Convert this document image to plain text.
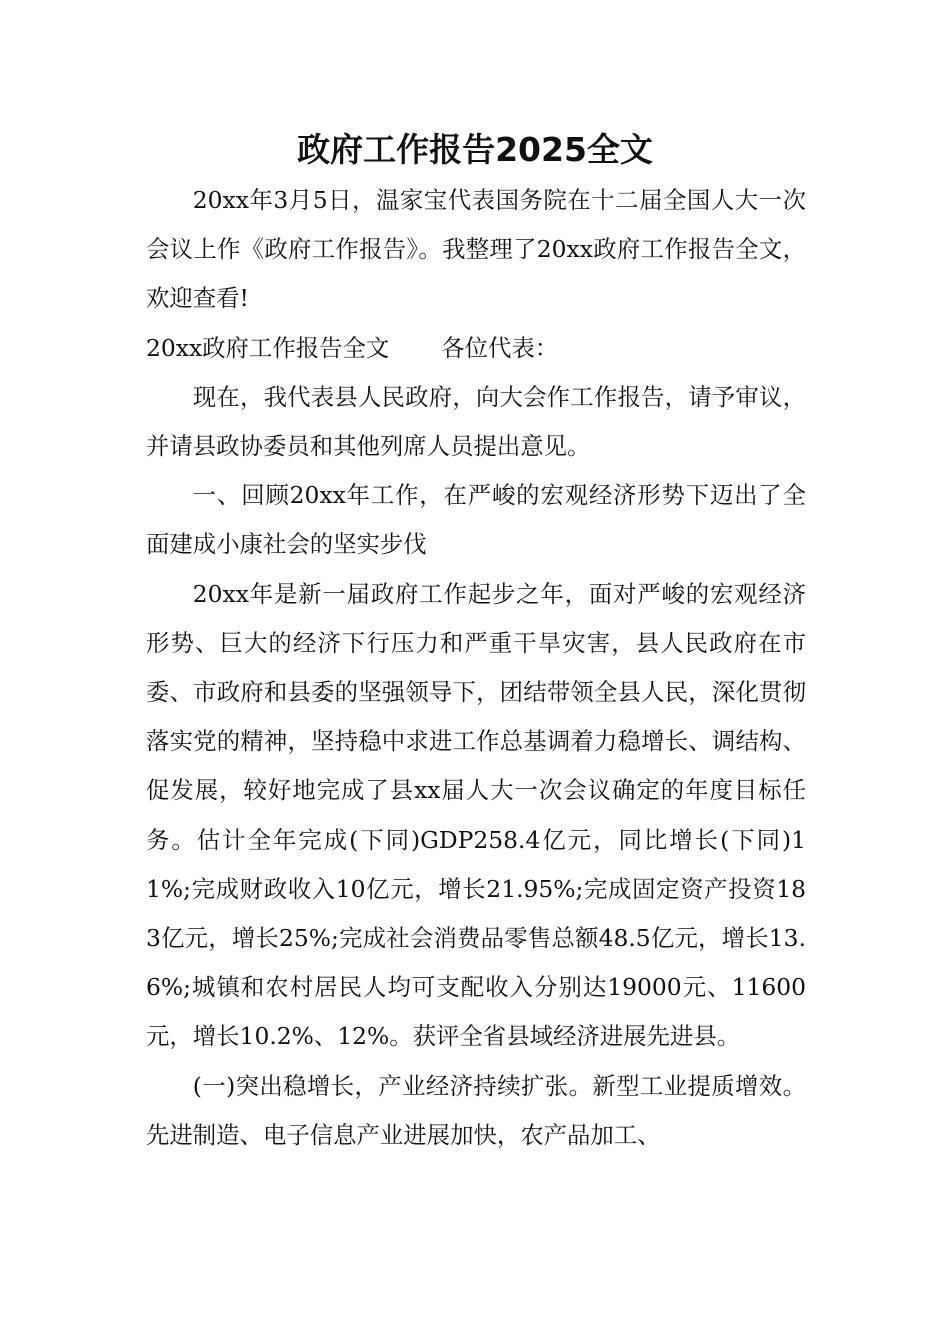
政府工作报告2025全文

20xx年3月5日，温家宝代表国务院在十二届全国人大一次会议上作《政府工作报告》。我整理了20xx政府工作报告全文，欢迎查看!

20xx政府工作报告全文 各位代表：

现在，我代表县人民政府，向大会作工作报告，请予审议，并请县政协委员和其他列席人员提出意见。

一、回顾20xx年工作，在严峻的宏观经济形势下迈出了全面建成小康社会的坚实步伐

20xx年是新一届政府工作起步之年，面对严峻的宏观经济形势、巨大的经济下行压力和严重干旱灾害，县人民政府在市委、市政府和县委的坚强领导下，团结带领全县人民，深化贯彻落实党的精神，坚持稳中求进工作总基调着力稳增长、调结构、促发展，较好地完成了县xx届人大一次会议确定的年度目标任务。估计全年完成(下同)GDP258.4亿元，同比增长(下同)11%;完成财政收入10亿元，增长21.95%;完成固定资产投资183亿元，增长25%;完成社会消费品零售总额48.5亿元，增长13.6%;城镇和农村居民人均可支配收入分别达19000元、11600元，增长10.2%、12%。获评全省县域经济进展先进县。

(一)突出稳增长，产业经济持续扩张。新型工业提质增效。先进制造、电子信息产业进展加快，农产品加工、
